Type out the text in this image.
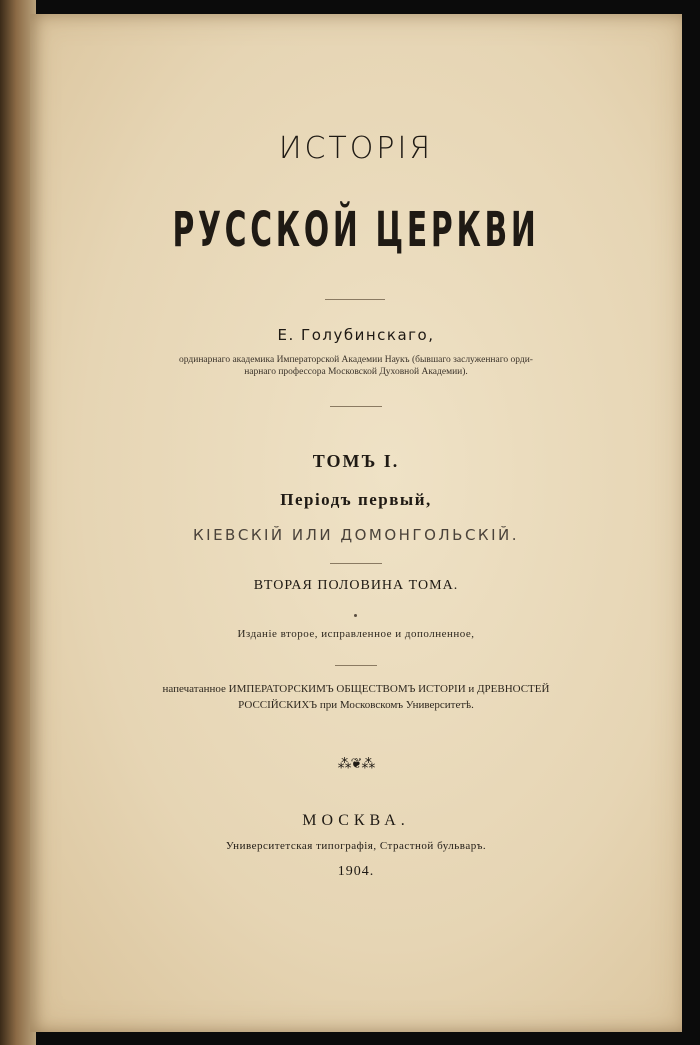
ИСТОРІЯ
РУССКОЙ ЦЕРКВИ
Е. Голубинскаго,
ординарнаго академика Императорской Академии Наукъ (бывшаго заслуженнаго орди-
нарнаго профессора Московской Духовной Академии).
ТОМЪ I.
Періодъ первый,
КІЕВСКІЙ ИЛИ ДОМОНГОЛЬСКІЙ.
ВТОРАЯ ПОЛОВИНА ТОМА.
Изданіе второе, исправленное и дополненное,
напечатанное ИМПЕРАТОРСКИМЪ ОБЩЕСТВОМЪ ИСТОРІИ и ДРЕВНОСТЕЙ
РОССІЙСКИХЪ при Московскомъ Университетѣ.
⁂❦⁂
МОСКВА.
Университетская типографія, Страстной бульваръ.
1904.
